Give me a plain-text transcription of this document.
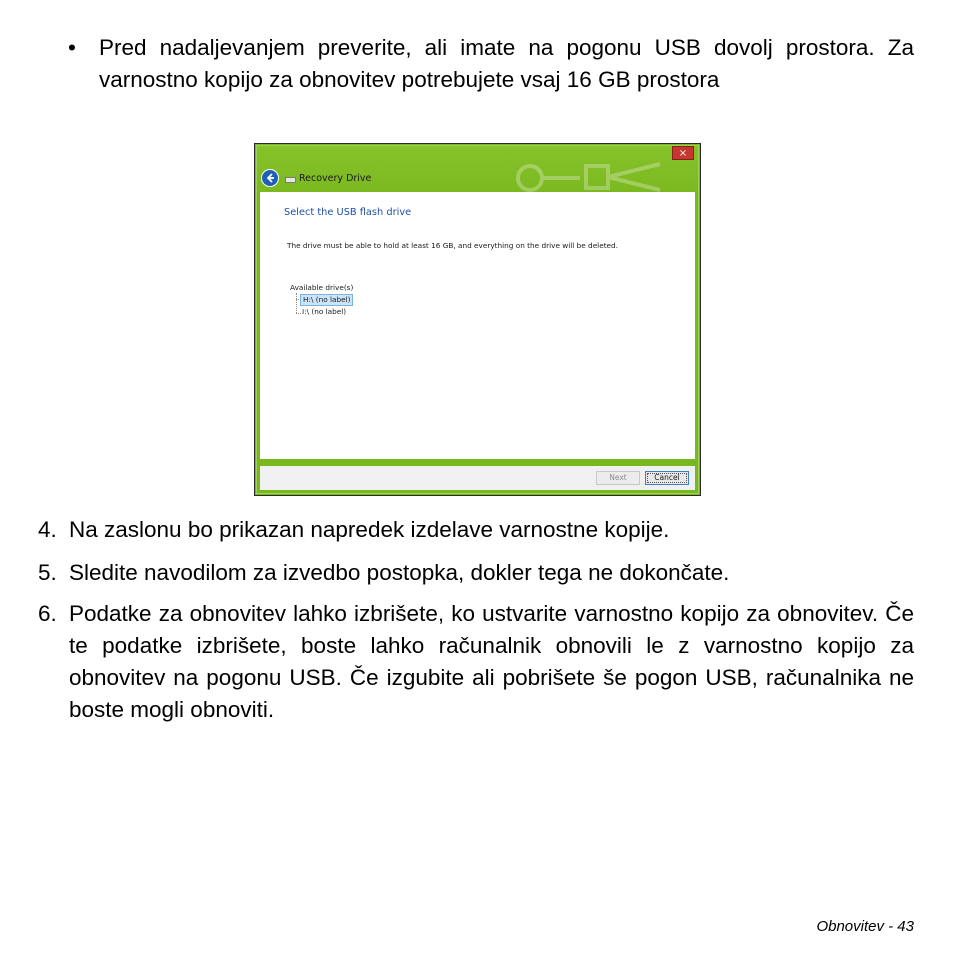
• Pred nadaljevanjem preverite, ali imate na pogonu USB dovolj prostora. Za varnostno kopijo za obnovitev potrebujete vsaj 16 GB prostora

×
Recovery Drive
Select the USB flash drive
The drive must be able to hold at least 16 GB, and everything on the drive will be deleted.
Available drive(s)
H:\ (no label)
I:\ (no label)
Next	Cancel
4. Na zaslonu bo prikazan napredek izdelave varnostne kopije.

5. Sledite navodilom za izvedbo postopka, dokler tega ne dokončate.

6. Podatke za obnovitev lahko izbrišete, ko ustvarite varnostno kopijo za obnovitev. Če te podatke izbrišete, boste lahko računalnik obnovili le z varnostno kopijo za obnovitev na pogonu USB. Če izgubite ali pobrišete še pogon USB, računalnika ne boste mogli obnoviti.

Obnovitev - 43
